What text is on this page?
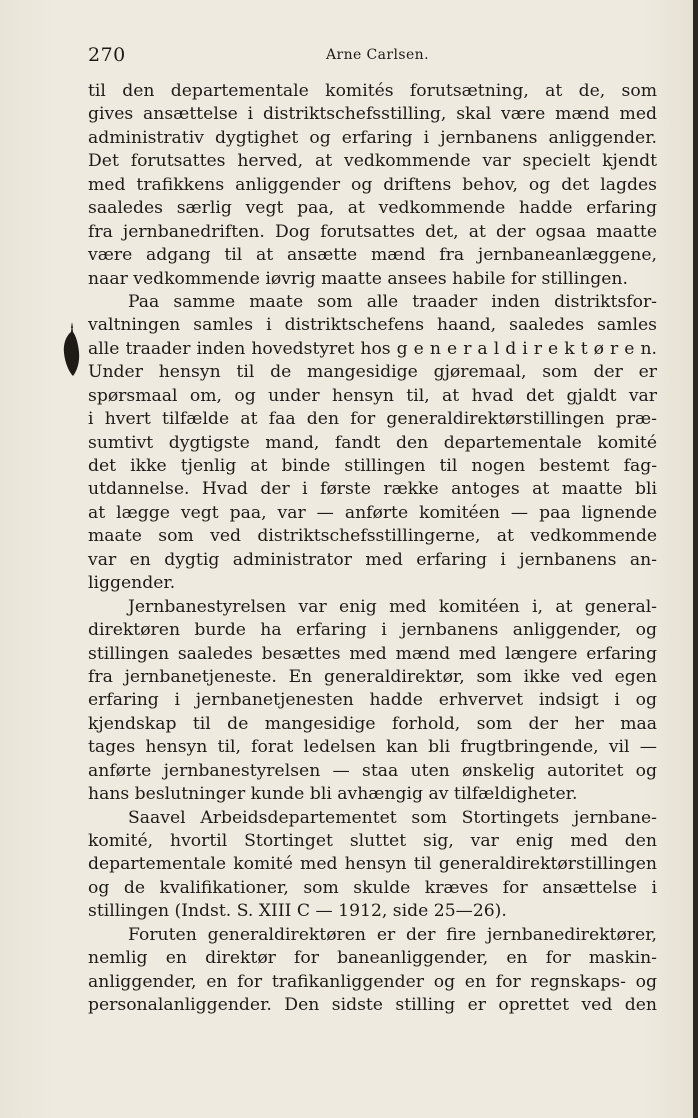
270	Arne Carlsen.
til den departementale komités forutsætning, at de, som
gives ansættelse i distriktschefsstilling, skal være mænd med
administrativ dygtighet og erfaring i jernbanens anliggender.
Det forutsattes herved, at vedkommende var specielt kjendt
med trafikkens anliggender og driftens behov, og det lagdes
saaledes særlig vegt paa, at vedkommende hadde erfaring
fra jernbanedriften. Dog forutsattes det, at der ogsaa maatte
være adgang til at ansætte mænd fra jernbaneanlæggene,
naar vedkommende iøvrig maatte ansees habile for stillingen.
Paa samme maate som alle traader inden distriktsfor-
valtningen samles i distriktschefens haand, saaledes samles
alle traader inden hovedstyret hos g e n e r a l d i r e k t ø r e n.
Under hensyn til de mangesidige gjøremaal, som der er
spørsmaal om, og under hensyn til, at hvad det gjaldt var
i hvert tilfælde at faa den for generaldirektørstillingen præ-
sumtivt dygtigste mand, fandt den departementale komité
det ikke tjenlig at binde stillingen til nogen bestemt fag-
utdannelse. Hvad der i første række antoges at maatte bli
at lægge vegt paa, var — anførte komitéen — paa lignende
maate som ved distriktschefsstillingerne, at vedkommende
var en dygtig administrator med erfaring i jernbanens an-
liggender.
Jernbanestyrelsen var enig med komitéen i, at general-
direktøren burde ha erfaring i jernbanens anliggender, og
stillingen saaledes besættes med mænd med længere erfaring
fra jernbanetjeneste. En generaldirektør, som ikke ved egen
erfaring i jernbanetjenesten hadde erhvervet indsigt i og
kjendskap til de mangesidige forhold, som der her maa
tages hensyn til, forat ledelsen kan bli frugtbringende, vil —
anførte jernbanestyrelsen — staa uten ønskelig autoritet og
hans beslutninger kunde bli avhængig av tilfældigheter.
Saavel Arbeidsdepartementet som Stortingets jernbane-
komité, hvortil Stortinget sluttet sig, var enig med den
departementale komité med hensyn til generaldirektørstillingen
og de kvalifikationer, som skulde kræves for ansættelse i
stillingen (Indst. S. XIII C — 1912, side 25—26).
Foruten generaldirektøren er der fire jernbanedirektører,
nemlig en direktør for baneanliggender, en for maskin-
anliggender, en for trafikanliggender og en for regnskaps- og
personalanliggender. Den sidste stilling er oprettet ved den
